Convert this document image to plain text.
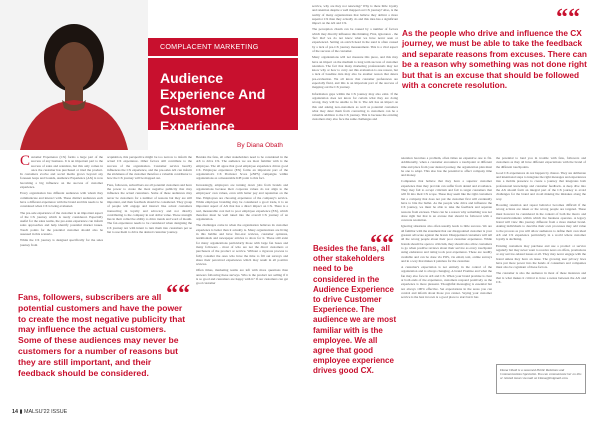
COMPLACENT MARKETING
Audience Experience And Customer Experience
By Diana Obath

Customer Experience (CX) forms a large part of the success of any business. It is an important part to the success of sales and retention, but this only comes in once the customer has purchased or tried the product. In customers evolve and social media grows beyond any foreseen leaps and bounds, Audience Experience (AX) is now becoming a big influence on the success of customer experience.

Every organization has different audiences with whom they communicate and interact with. These distinct audiences each have a different experience with the brand and this needs to be considered when CX is being evaluated.

The pre-sale experience of the customer is an important aspect of the CX journey which is rarely considered. Especially useful for the sales teams, the pre-sales experience can inform sales approaches and help identify potential market issues. Touch points for the potential customer should also be assessed in this scenario.

While the CX journey is designed specifically for the sales journey from

acquisition, this perspective might be too narrow to inform the actual CX experience. Other factors still contribute to the success of the organization. Customer service heavily influences the CX experience, and the pre-sales AX can inform the stickiness of the customer therefore a valuable contributor to how the CX journey will be mapped out.

Fans, followers, subscribers are all potential customers and have the power to create the most negative publicity that may influence the actual customers. Some of these audiences may never be customers for a number of reasons but they are still important, and their feedback should be considered. They group of people will engage and interact like actual customers transacting in loyalty and advocacy and not directly contributing to the company in real dollar value. These strength lies in their collective ability to drive trends and word of mouth. The fan experience needs to be considered when designing the CX journey not with intent to turn them into customers per se but to use them to drive the desired customer journey.

Besides the fans, all other stakeholders need to be considered in the AX to drive CX. The audience we are most familiar with is the employee. The all agree that good employee experience drives good CX. Employee experience (EX) forms an important part of the organization's CX Promoter Score (eNPS) campaigns within organizations as a measurable KPI point to this fact.

Increasingly, employers are turning down jobs from brands and organizations because their corporate values do not align to the employees' own values, even with better pay and reputation on the line. Employees are choosing experience of the company's service. While employee branding may be considered a good trade, it is an important aspect of AX that has a direct impact on CX. There is a real, measurable cost tied to poor employee experience (EX), which therefore must be well tuned into the overall CX journey of an organization.

The challenges come in when the organization believes its customer experience is better than it actually is. Many organizations are living in this bubble and have five-star reviews, customer opinions, testimonials and newspaper articles to show for it. These still exist for many organizations particularly those with large fan bases and many followers - most of who are not the direct customers or purchasers of the product or service. Without a rigorous process to fully consider the ones who have the time to fill out surveys and share their perceived experiences which may result in all positive reviews.

Often times, marketing teams are left with more questions than answers following these surveys. Who is the product not selling if it is so good and customers are happy with it? If our customers can get good customer

““

Fans, followers, subscribers are all potential customers and have the power to create the most negative publicity that may influence the actual customers. Some of these audiences may never be customers for a number of reasons but they are still important, and their feedback should be considered.

service, why are they not renewing? Why is there little loyalty and retention despite a well mapped out CX journey? Also, is the reality of many organizations that believe they deliver a more superior CX than they actually do and this idea has a significant impact on the AX and CX.

The perception chasm can be caused by a number of factors which may directly influence this thinking. First, ignorance - the 'fact that' we do not know what we have never seen or experienced. Setting an ostrich head in the sand is often caused by a lack of pre-CX journey measurement. This is a vital aspect of the success of the customer.

Many organizations will not measure this piece, and this may have an impact on the medium to long term success of customer retention. The fact that many marketing professionals may not know why or how to carry out this evaluation is one reason, but a lack of baseline data may also be another reason that deters pre-evaluation. We all know that customer preferences are especially fluid, and this is an important part of the success of mapping out the CX journey.

Information gaps within the CX journey may also exist. If the organization does not know for certain what they are doing wrong, they will be unable to fix it. The AX has an impact on this and asking non-customers as well as potential customers what may deter them from converting to customers can be a valuable addition to the CX journey. This is because the existing customers may also face the same challenges and

““

As the people who drive and influence the CX journey, we must be able to take the feedback and separate reasons from excuses. There can be a reason why something was not done right but that is an excuse that should be followed with a concrete resolution.

““

Besides the fans, all other stakeholders need to be considered in the Audience Experience to drive Customer Experience. The audience we are most familiar with is the employee. We all agree that good employee experience drives good CX.

retention becomes a problem, often times an expensive one to fix. Additionally, when a customer encounters a touchpoint at different time and place from your desired journey, the organization plan must be one to adapt. This also has the potential to affect company time and money.

Companies that believe that they have a superior customer experience than they provide can suffer from denial and avoidance. They may fail to accept criticism and fail to target customers that will fit into their CX scope. These may seem like the right customers but a company that does not put the customer first will eventually have to bite the bullet. As the people who drive and influence the CX journey, we must be able to take the feedback and separate reasons from excuses. There can be a reason why something was not done right but that is an excuse that should be followed with a concrete resolution.

Ignoring situations also often usually leads to little success. We are all familiar with the statement that our disappointed customer is your greatest advocate against the brand. Disappointed customers will tell all the wrong people about their poor customer experience. While brands should be open to criticism, they should also allow customers to go when positive reviews about their service as every touchpoint using endurance and rating tools post experience. These are readily available and can be done via POS, via email, text, online surveys and in a way that makes it painless for the customer.

A customer's expectation is not entirely in the control of the organization and is always changing. A brand Promise and what the fan may also face in AX and CX. When your brand promise is clear at both ends of the experience, customers respond positively as the experience is more pleasant. Thoughtful messaging is essential but not always 100% effective. Set expectations in the areas you can control and inform about those you cannot. Saying your customer service is the best in town is a good place to start but it has

the potential to land you in trouble with fans, followers and customers as they all have different expectations with the brand of the different touchpoints.

Good CX experiences do not happen by chance. They are deliberate and intentional steps to integrate the right messages and experiences into a mobile presence to create a journey that integrates both professional knowledge and customer feedback. A deep dive into the AX should form an integral part of the CX journey to avoid challenges for the brand and avoid making the mistakes along the way.

Boosting retention and repeat behavior becomes difficult if the wrong actions are taken or the wrong people are targeted. These must however be considered in the context of both the macro and microenvironments within which the business operates. A legacy brand will view this journey different from a more market brand. Asking individuals to describe their own processes may add value to the process as you will allow audiences to define their own ideal AX and CX experience particularly in a world where customer loyalty is declining.

Existing customers may purchase and use a product or service regularly but may never want to receive news on offers, promotions or any service-related issues at all. They may never engage with the brand unless they have an issue. The growing user privacy laws have put more power into the hands of consumers and companies must also be cognizant of these factors.

The customer is also the audience in most of these instances and that is what makes it critical to have a nexus between the AX and CX.

Diana Obath is a seasoned Public Relations and Communications Specialist. You can communicate her on this or related issues via mail on Diana@lmlgmail.com.
14 ▮ MALSU'22 ISSUE
